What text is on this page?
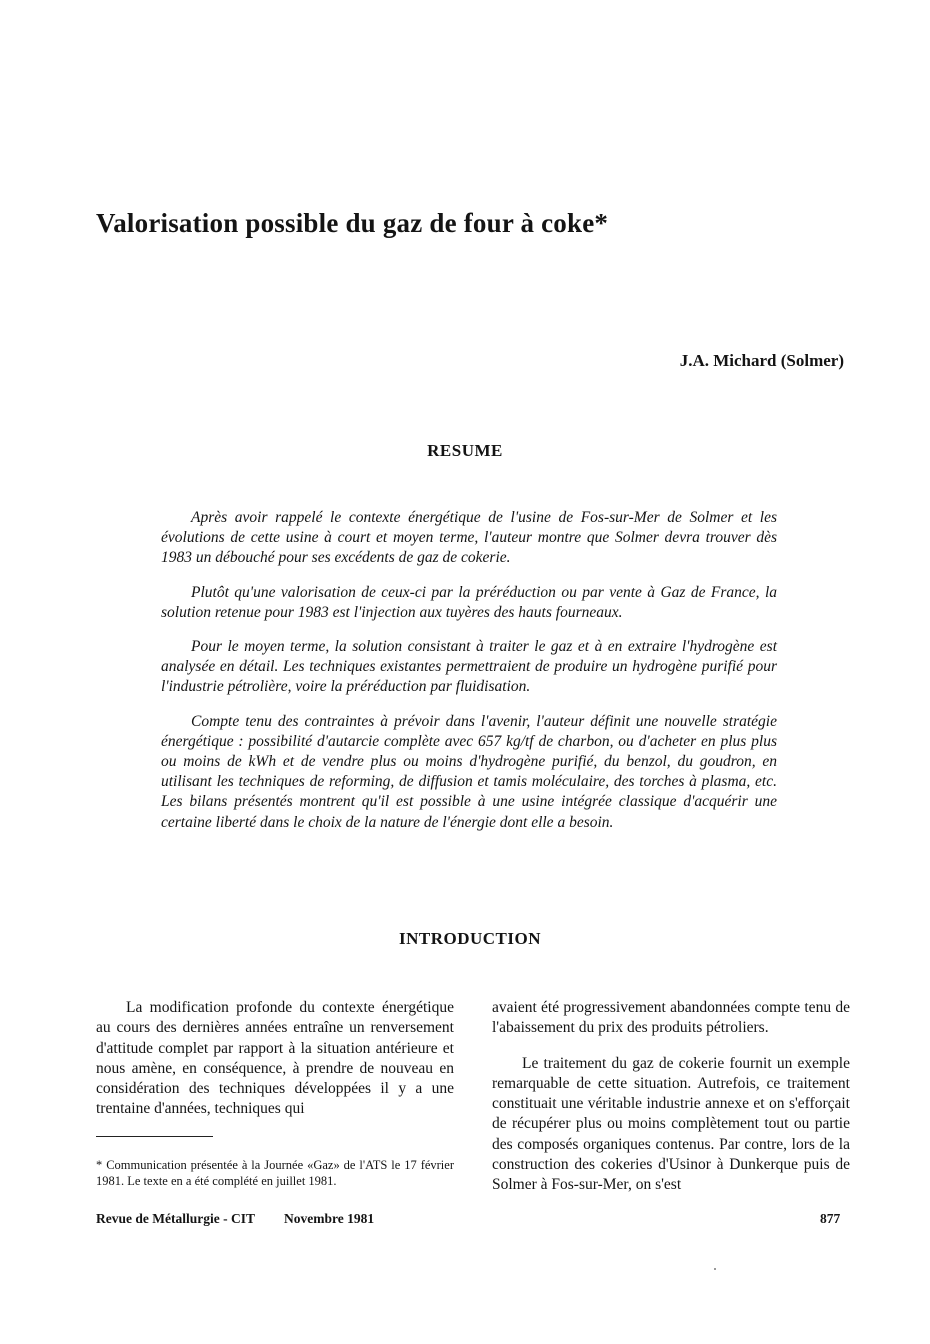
Valorisation possible du gaz de four à coke*
J.A. Michard (Solmer)
RESUME

Après avoir rappelé le contexte énergétique de l'usine de Fos-sur-Mer de Solmer et les évolutions de cette usine à court et moyen terme, l'auteur montre que Solmer devra trouver dès 1983 un débouché pour ses excédents de gaz de cokerie.

Plutôt qu'une valorisation de ceux-ci par la préréduction ou par vente à Gaz de France, la solution retenue pour 1983 est l'injection aux tuyères des hauts fourneaux.

Pour le moyen terme, la solution consistant à traiter le gaz et à en extraire l'hydrogène est analysée en détail. Les techniques existantes permettraient de produire un hydrogène purifié pour l'industrie pétrolière, voire la préréduction par fluidisation.

Compte tenu des contraintes à prévoir dans l'avenir, l'auteur définit une nouvelle stratégie énergétique : possibilité d'autarcie complète avec 657 kg/tf de charbon, ou d'acheter en plus plus ou moins de kWh et de vendre plus ou moins d'hydrogène purifié, du benzol, du goudron, en utilisant les techniques de reforming, de diffusion et tamis moléculaire, des torches à plasma, etc. Les bilans présentés montrent qu'il est possible à une usine intégrée classique d'acquérir une certaine liberté dans le choix de la nature de l'énergie dont elle a besoin.

INTRODUCTION

La modification profonde du contexte énergétique au cours des dernières années entraîne un renversement d'attitude complet par rapport à la situation antérieure et nous amène, en conséquence, à prendre de nouveau en considération des techniques développées il y a une trentaine d'années, techniques qui

avaient été progressivement abandonnées compte tenu de l'abaissement du prix des produits pétroliers.

Le traitement du gaz de cokerie fournit un exemple remarquable de cette situation. Autrefois, ce traitement constituait une véritable industrie annexe et on s'efforçait de récupérer plus ou moins complètement tout ou partie des composés organiques contenus. Par contre, lors de la construction des cokeries d'Usinor à Dunkerque puis de Solmer à Fos-sur-Mer, on s'est

* Communication présentée à la Journée «Gaz» de l'ATS le 17 février 1981. Le texte en a été complété en juillet 1981.
Revue de Métallurgie - CIT Novembre 1981	877
